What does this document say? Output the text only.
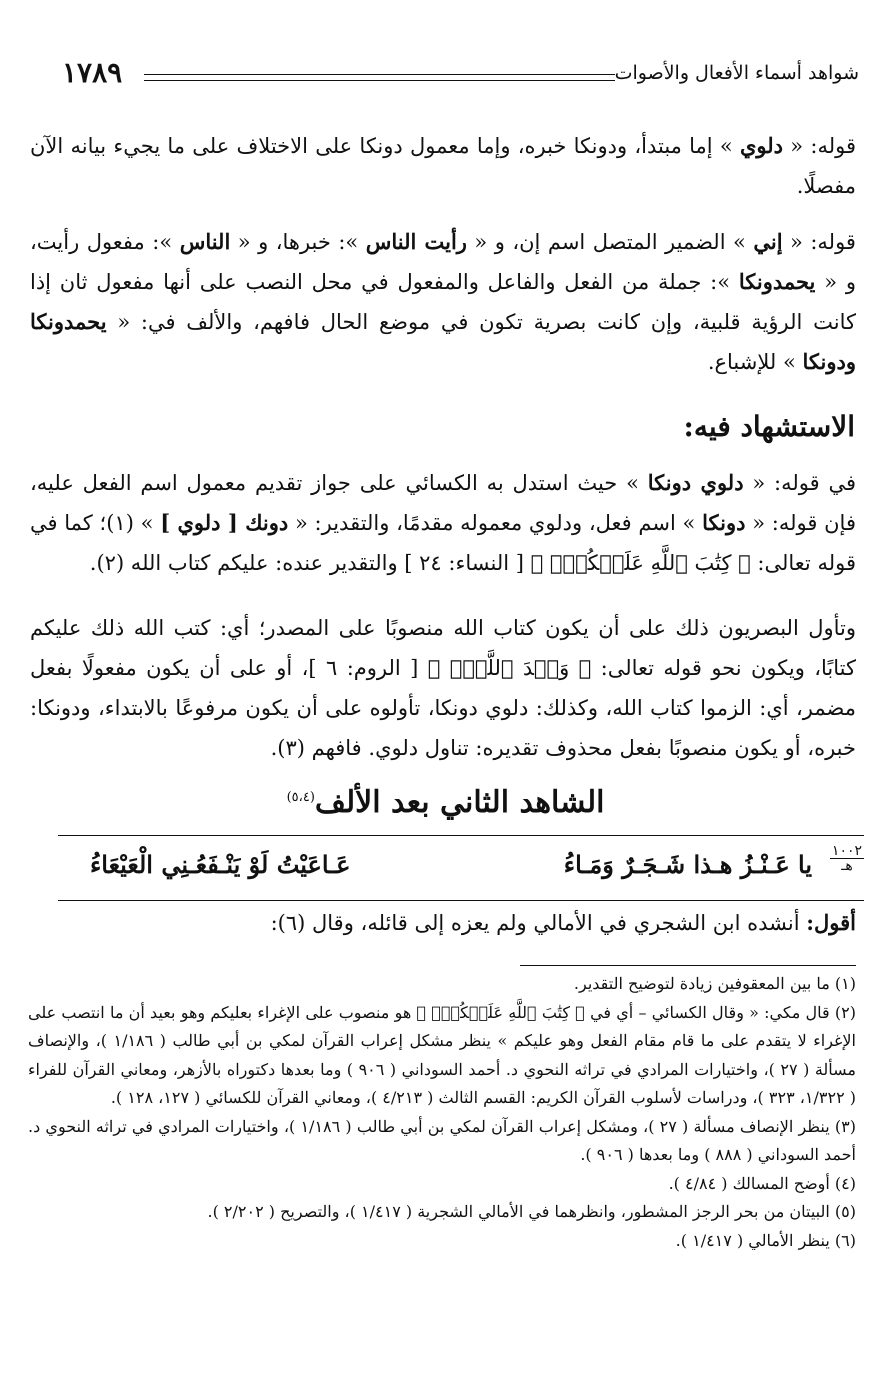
شواهد أسماء الأفعال والأصوات
١٧٨٩
قوله: « دلوي » إما مبتدأ، ودونكا خبره، وإما معمول دونكا على الاختلاف على ما يجيء بيانه الآن مفصلًا.
قوله: « إني » الضمير المتصل اسم إن، و « رأيت الناس »: خبرها، و « الناس »: مفعول رأيت، و « يحمدونكا »: جملة من الفعل والفاعل والمفعول في محل النصب على أنها مفعول ثان إذا كانت الرؤية قلبية، وإن كانت بصرية تكون في موضع الحال فافهم، والألف في: « يحمدونكا ودونكا » للإشباع.
الاستشهاد فيه:
في قوله: « دلوي دونكا » حيث استدل به الكسائي على جواز تقديم معمول اسم الفعل عليه، فإن قوله: « دونكا » اسم فعل، ودلوي معموله مقدمًا، والتقدير: « دونك [ دلوي ] » (١)؛ كما في قوله تعالى: ﴿ كِتَٰبَ ٱللَّهِ عَلَيۡكُمۡۚ ﴾ [ النساء: ٢٤ ] والتقدير عنده: عليكم كتاب الله (٢).
وتأول البصريون ذلك على أن يكون كتاب الله منصوبًا على المصدر؛ أي: كتب الله ذلك عليكم كتابًا، ويكون نحو قوله تعالى: ﴿ وَعۡدَ ٱللَّهِۖ ﴾ [ الروم: ٦ ]، أو على أن يكون مفعولًا بفعل مضمر، أي: الزموا كتاب الله، وكذلك: دلوي دونكا، تأولوه على أن يكون مرفوعًا بالابتداء، ودونكا: خبره، أو يكون منصوبًا بفعل محذوف تقديره: تناول دلوي. فافهم (٣).
الشاهد الثاني بعد الألف$^{(٥،٤)}$
١٠٠٢
هـ
يا عَـنْـزُ هـذا شَـجَـرٌ وَمَـاءُ
عَـاعَيْتُ لَوْ يَنْـفَعُـنِي الْعَيْعَاءُ
أقول: أنشده ابن الشجري في الأمالي ولم يعزه إلى قائله، وقال (٦):

(١) ما بين المعقوفين زيادة لتوضيح التقدير.

(٢) قال مكي: « وقال الكسائي – أي في ﴿ كِتَٰبَ ٱللَّهِ عَلَيۡكُمۡۚ ﴾ هو منصوب على الإغراء بعليكم وهو بعيد أن ما انتصب على الإغراء لا يتقدم على ما قام مقام الفعل وهو عليكم » ينظر مشكل إعراب القرآن لمكي بن أبي طالب ( ١/١٨٦ )، والإنصاف مسألة ( ٢٧ )، واختيارات المرادي في تراثه النحوي د. أحمد السوداني ( ٩٠٦ ) وما بعدها دكتوراه بالأزهر، ومعاني القرآن للفراء ( ١/٣٢٢، ٣٢٣ )، ودراسات لأسلوب القرآن الكريم: القسم الثالث ( ٤/٢١٣ )، ومعاني القرآن للكسائي ( ١٢٧، ١٢٨ ).

(٣) ينظر الإنصاف مسألة ( ٢٧ )، ومشكل إعراب القرآن لمكي بن أبي طالب ( ١/١٨٦ )، واختيارات المرادي في تراثه النحوي د. أحمد السوداني ( ٨٨٨ ) وما بعدها ( ٩٠٦ ).

(٤) أوضح المسالك ( ٤/٨٤ ).

(٥) البيتان من بحر الرجز المشطور، وانظرهما في الأمالي الشجرية ( ١/٤١٧ )، والتصريح ( ٢/٢٠٢ ).

(٦) ينظر الأمالي ( ١/٤١٧ ).
